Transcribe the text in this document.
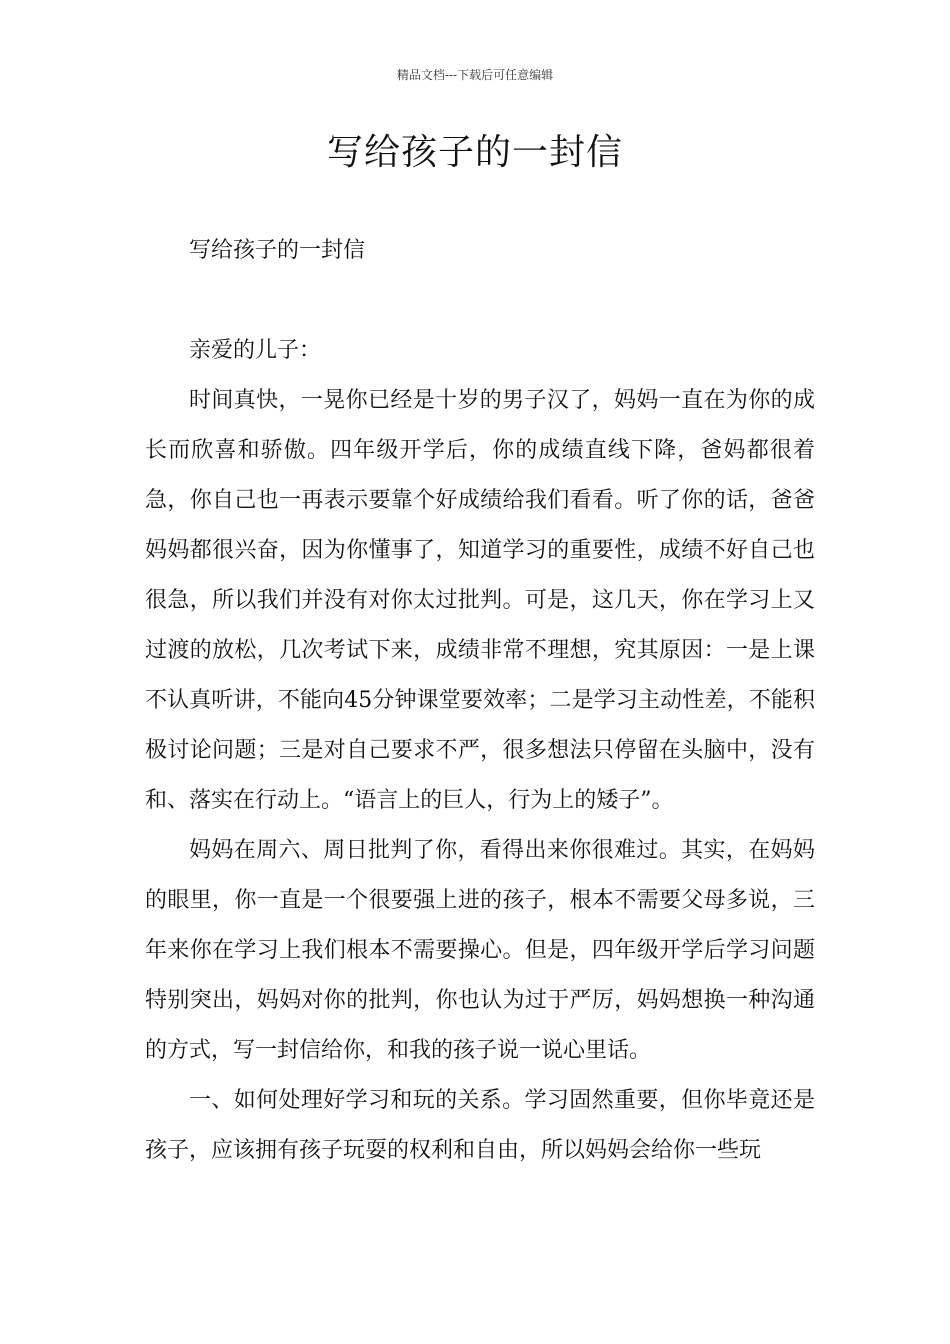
精品文档---下载后可任意编辑
写给孩子的一封信

写给孩子的一封信

亲爱的儿子：

时间真快，一晃你已经是十岁的男子汉了，妈妈一直在为你的成长而欣喜和骄傲。四年级开学后，你的成绩直线下降，爸妈都很着急，你自己也一再表示要靠个好成绩给我们看看。听了你的话，爸爸妈妈都很兴奋，因为你懂事了，知道学习的重要性，成绩不好自己也很急，所以我们并没有对你太过批判。可是，这几天，你在学习上又过渡的放松，几次考试下来，成绩非常不理想，究其原因：一是上课不认真听讲，不能向45分钟课堂要效率；二是学习主动性差，不能积极讨论问题；三是对自己要求不严，很多想法只停留在头脑中，没有和、落实在行动上。“语言上的巨人，行为上的矮子”。

妈妈在周六、周日批判了你，看得出来你很难过。其实，在妈妈的眼里，你一直是一个很要强上进的孩子，根本不需要父母多说，三年来你在学习上我们根本不需要操心。但是，四年级开学后学习问题特别突出，妈妈对你的批判，你也认为过于严厉，妈妈想换一种沟通的方式，写一封信给你，和我的孩子说一说心里话。

一、如何处理好学习和玩的关系。学习固然重要，但你毕竟还是孩子，应该拥有孩子玩耍的权利和自由，所以妈妈会给你一些玩
